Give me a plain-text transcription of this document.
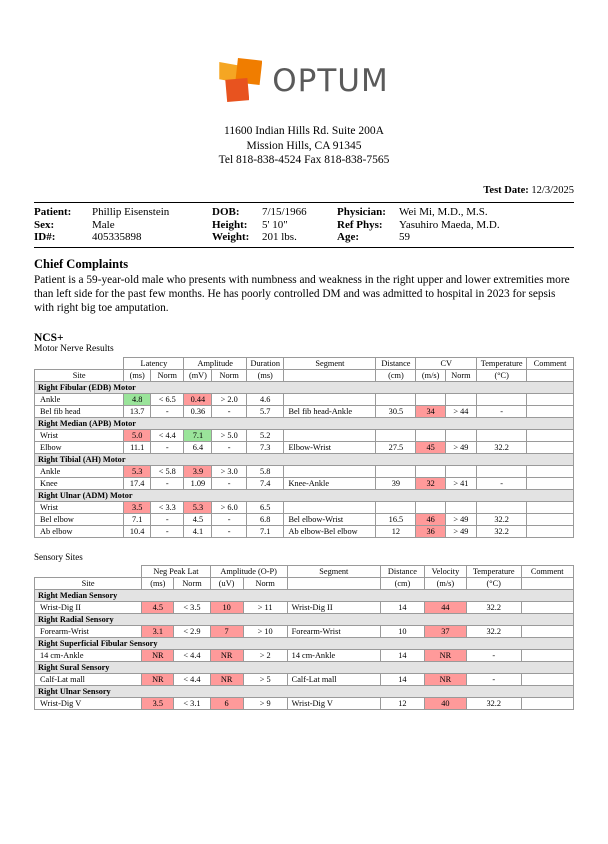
OPTUM
11600 Indian Hills Rd. Suite 200A
Mission Hills, CA 91345
Tel 818-838-4524 Fax 818-838-7565
Test Date: 12/3/2025
Patient:	Phillip Eisenstein	DOB:	7/15/1966	Physician:	Wei Mi, M.D., M.S.
Sex:	Male	Height:	5' 10"	Ref Phys:	Yasuhiro Maeda, M.D.
ID#:	405335898	Weight:	201 lbs.	Age:	59
Chief Complaints
Patient is a 59-year-old male who presents with numbness and weakness in the right upper and lower extremities more than left side for the past few months. He has poorly controlled DM and was admitted to hospital in 2023 for sepsis with right big toe amputation.
NCS+
Motor Nerve Results
	Latency		Amplitude		Duration	Segment	Distance	CV		Temperature	Comment
Site	(ms)	Norm	(mV)	Norm	(ms)		(cm)	(m/s)	Norm	(°C)	
Right Fibular (EDB) Motor											
Ankle	4.8	< 6.5	0.44	> 2.0	4.6						
Bel fib head	13.7	-	0.36	-	5.7	Bel fib head-Ankle	30.5	34	> 44	-	
Right Median (APB) Motor											
Wrist	5.0	< 4.4	7.1	> 5.0	5.2						
Elbow	11.1	-	6.4	-	7.3	Elbow-Wrist	27.5	45	> 49	32.2	
Right Tibial (AH) Motor											
Ankle	5.3	< 5.8	3.9	> 3.0	5.8						
Knee	17.4	-	1.09	-	7.4	Knee-Ankle	39	32	> 41	-	
Right Ulnar (ADM) Motor											
Wrist	3.5	< 3.3	5.3	> 6.0	6.5						
Bel elbow	7.1	-	4.5	-	6.8	Bel elbow-Wrist	16.5	46	> 49	32.2	
Ab elbow	10.4	-	4.1	-	7.1	Ab elbow-Bel elbow	12	36	> 49	32.2	
Sensory Sites
	Neg Peak Lat		Amplitude (O-P)		Segment	Distance	Velocity	Temperature	Comment
Site	(ms)	Norm	(uV)	Norm		(cm)	(m/s)	(°C)	
Right Median Sensory									
Wrist-Dig II	4.5	< 3.5	10	> 11	Wrist-Dig II	14	44	32.2	
Right Radial Sensory									
Forearm-Wrist	3.1	< 2.9	7	> 10	Forearm-Wrist	10	37	32.2	
Right Superficial Fibular Sensory									
14 cm-Ankle	NR	< 4.4	NR	> 2	14 cm-Ankle	14	NR	-	
Right Sural Sensory									
Calf-Lat mall	NR	< 4.4	NR	> 5	Calf-Lat mall	14	NR	-	
Right Ulnar Sensory									
Wrist-Dig V	3.5	< 3.1	6	> 9	Wrist-Dig V	12	40	32.2	
